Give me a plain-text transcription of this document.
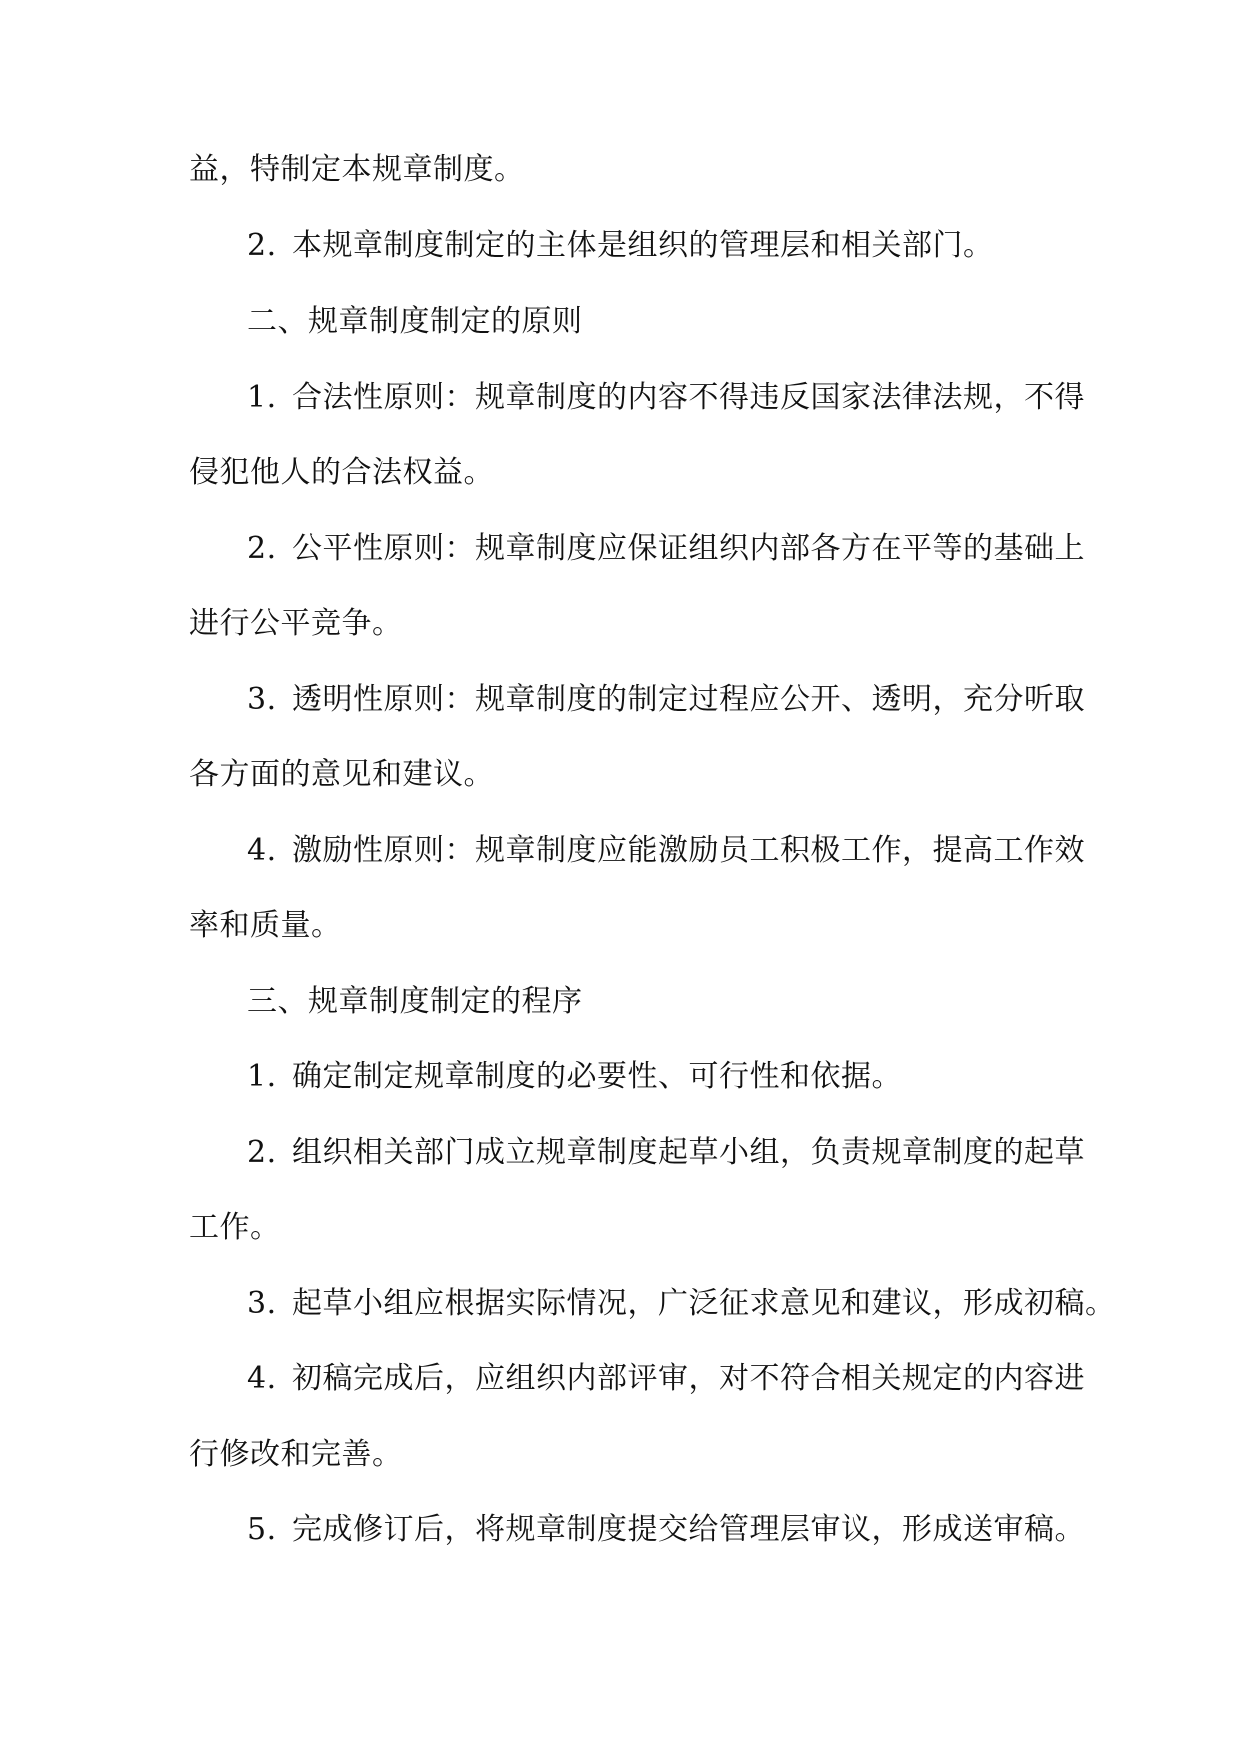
益，特制定本规章制度。
2. 本规章制度制定的主体是组织的管理层和相关部门。
二、规章制度制定的原则
1. 合法性原则：规章制度的内容不得违反国家法律法规，不得
侵犯他人的合法权益。
2. 公平性原则：规章制度应保证组织内部各方在平等的基础上
进行公平竞争。
3. 透明性原则：规章制度的制定过程应公开、透明，充分听取
各方面的意见和建议。
4. 激励性原则：规章制度应能激励员工积极工作，提高工作效
率和质量。
三、规章制度制定的程序
1. 确定制定规章制度的必要性、可行性和依据。
2. 组织相关部门成立规章制度起草小组，负责规章制度的起草
工作。
3. 起草小组应根据实际情况，广泛征求意见和建议，形成初稿。
4. 初稿完成后，应组织内部评审，对不符合相关规定的内容进
行修改和完善。
5. 完成修订后，将规章制度提交给管理层审议，形成送审稿。
